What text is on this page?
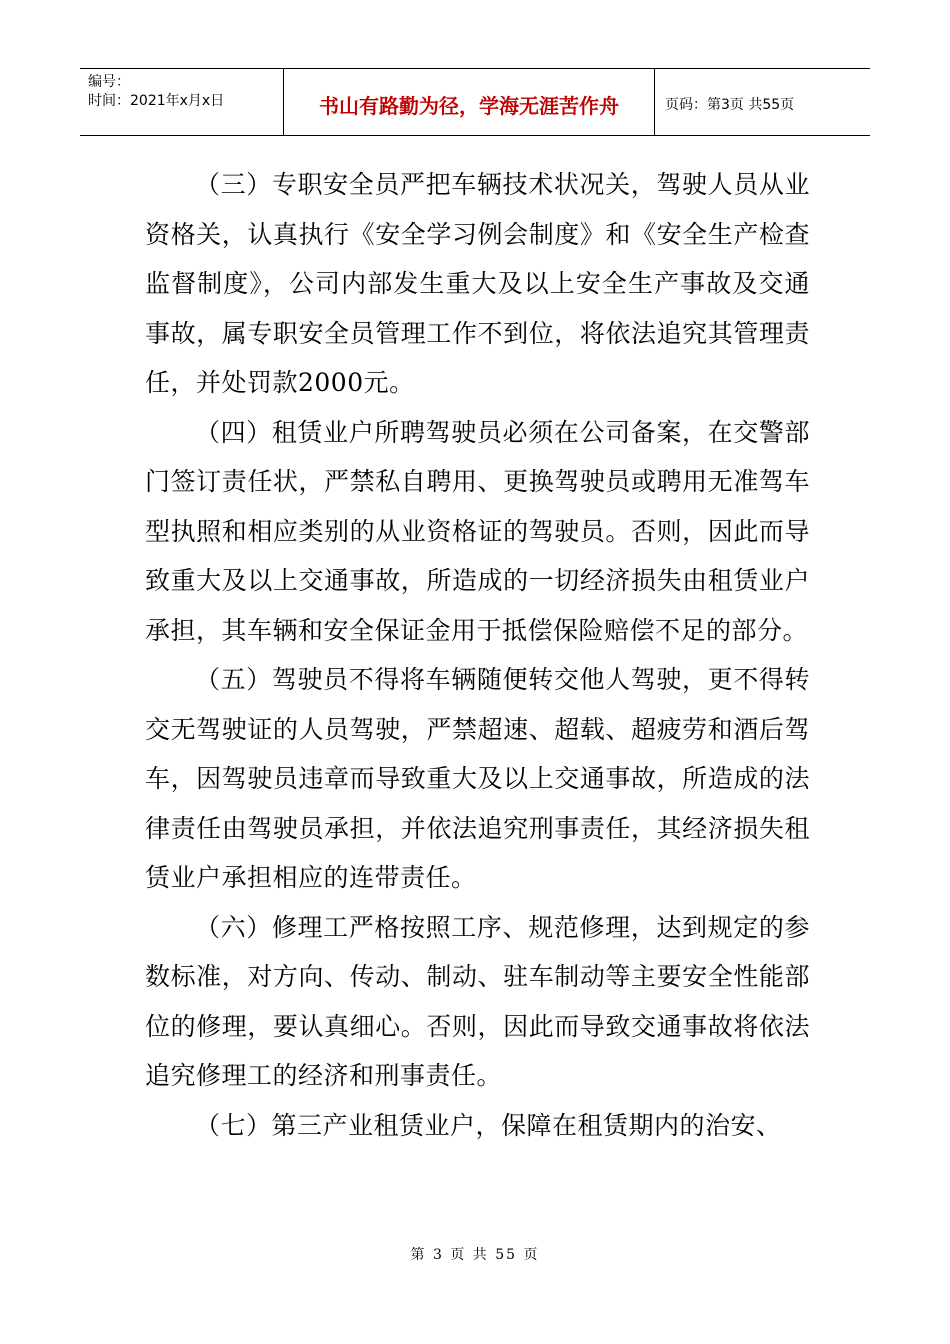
编号：
时间：2021年x月x日	书山有路勤为径，学海无涯苦作舟	页码：第3页 共55页

（三）专职安全员严把车辆技术状况关，驾驶人员从业资格关，认真执行《安全学习例会制度》和《安全生产检查监督制度》，公司内部发生重大及以上安全生产事故及交通事故，属专职安全员管理工作不到位，将依法追究其管理责任，并处罚款2000元。

（四）租赁业户所聘驾驶员必须在公司备案，在交警部门签订责任状，严禁私自聘用、更换驾驶员或聘用无准驾车型执照和相应类别的从业资格证的驾驶员。否则，因此而导致重大及以上交通事故，所造成的一切经济损失由租赁业户承担，其车辆和安全保证金用于抵偿保险赔偿不足的部分。

（五）驾驶员不得将车辆随便转交他人驾驶，更不得转交无驾驶证的人员驾驶，严禁超速、超载、超疲劳和酒后驾车，因驾驶员违章而导致重大及以上交通事故，所造成的法律责任由驾驶员承担，并依法追究刑事责任，其经济损失租赁业户承担相应的连带责任。

（六）修理工严格按照工序、规范修理，达到规定的参数标准，对方向、传动、制动、驻车制动等主要安全性能部位的修理，要认真细心。否则，因此而导致交通事故将依法追究修理工的经济和刑事责任。

（七）第三产业租赁业户，保障在租赁期内的治安、

第 3 页 共 55 页
